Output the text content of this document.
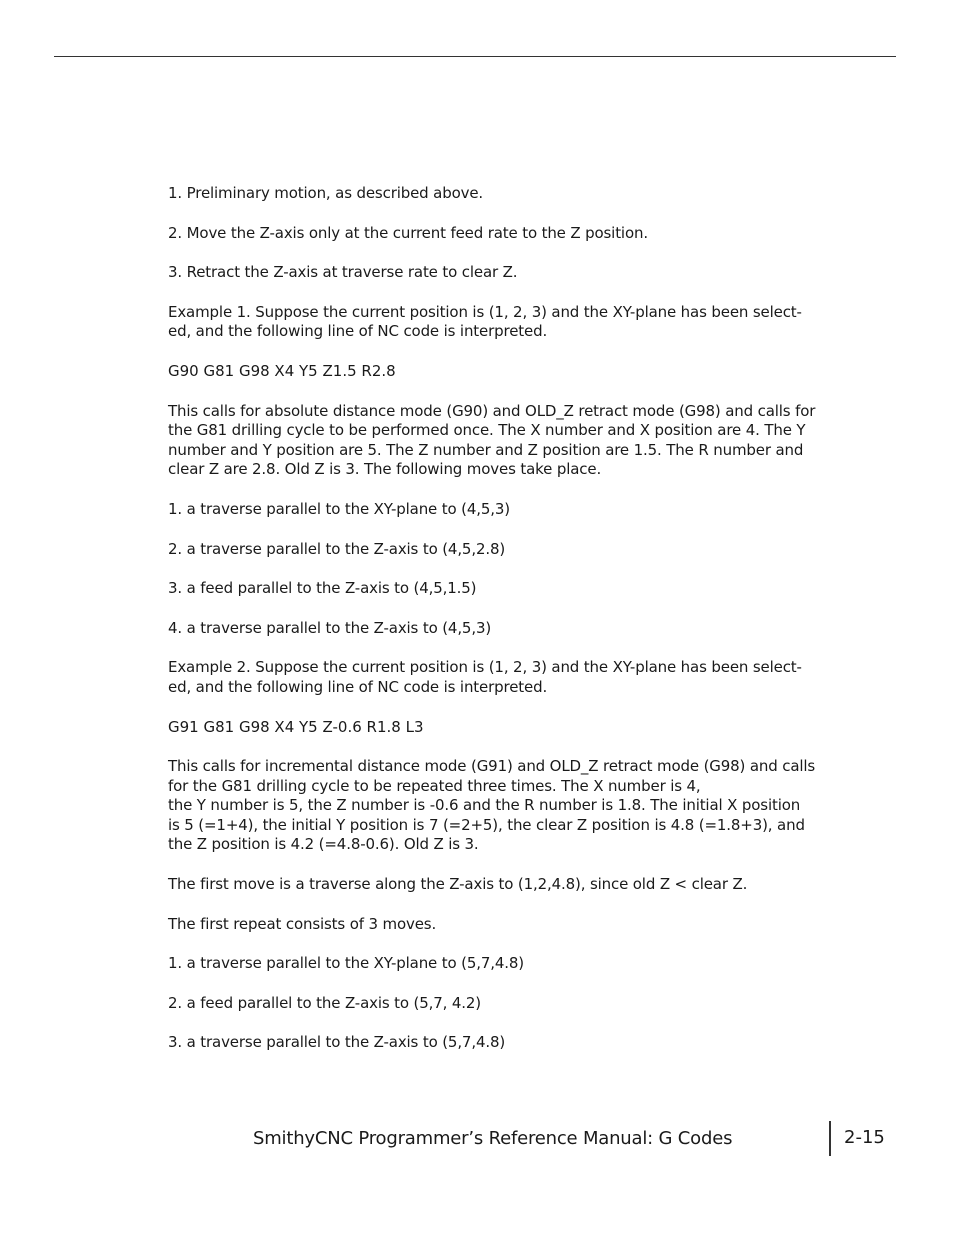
1. Preliminary motion, as described above.

2. Move the Z-axis only at the current feed rate to the Z position.

3. Retract the Z-axis at traverse rate to clear Z.

Example 1. Suppose the current position is (1, 2, 3) and the XY-plane has been select-
ed, and the following line of NC code is interpreted.

G90 G81 G98 X4 Y5 Z1.5 R2.8

This calls for absolute distance mode (G90) and OLD_Z retract mode (G98) and calls for
the G81 drilling cycle to be performed once. The X number and X position are 4. The Y
number and Y position are 5. The Z number and Z position are 1.5. The R number and
clear Z are 2.8. Old Z is 3. The following moves take place.

1. a traverse parallel to the XY-plane to (4,5,3)

2. a traverse parallel to the Z-axis to (4,5,2.8)

3. a feed parallel to the Z-axis to (4,5,1.5)

4. a traverse parallel to the Z-axis to (4,5,3)

Example 2. Suppose the current position is (1, 2, 3) and the XY-plane has been select-
ed, and the following line of NC code is interpreted.

G91 G81 G98 X4 Y5 Z-0.6 R1.8 L3

This calls for incremental distance mode (G91) and OLD_Z retract mode (G98) and calls
for the G81 drilling cycle to be repeated three times. The X number is 4,
the Y number is 5, the Z number is -0.6 and the R number is 1.8. The initial X position
is 5 (=1+4), the initial Y position is 7 (=2+5), the clear Z position is 4.8 (=1.8+3), and
the Z position is 4.2 (=4.8-0.6). Old Z is 3.

The first move is a traverse along the Z-axis to (1,2,4.8), since old Z < clear Z.

The first repeat consists of 3 moves.

1. a traverse parallel to the XY-plane to (5,7,4.8)

2. a feed parallel to the Z-axis to (5,7, 4.2)

3. a traverse parallel to the Z-axis to (5,7,4.8)

SmithyCNC Programmer’s Reference Manual: G Codes	2-15
